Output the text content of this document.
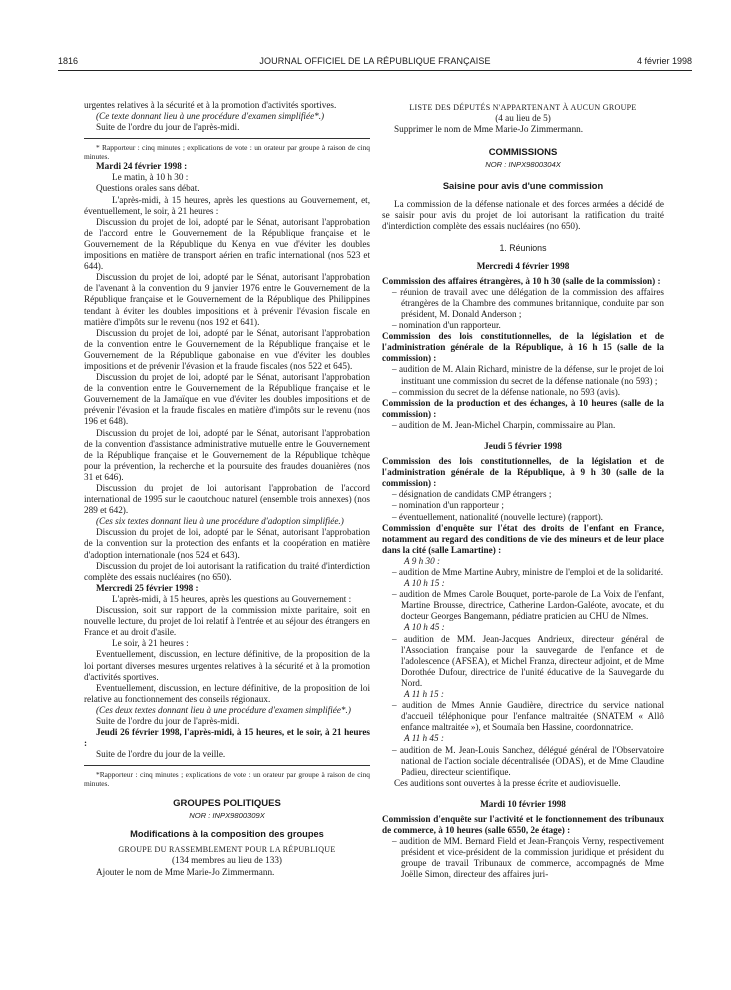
1816	JOURNAL OFFICIEL DE LA RÉPUBLIQUE FRANÇAISE	4 février 1998

urgentes relatives à la sécurité et à la promotion d'activités sportives.

(Ce texte donnant lieu à une procédure d'examen simplifiée*.)

Suite de l'ordre du jour de l'après-midi.

* Rapporteur : cinq minutes ; explications de vote : un orateur par groupe à raison de cinq minutes.

Mardi 24 février 1998 :

Le matin, à 10 h 30 :

Questions orales sans débat.

L'après-midi, à 15 heures, après les questions au Gouvernement, et, éventuellement, le soir, à 21 heures :

Discussion du projet de loi, adopté par le Sénat, autorisant l'approbation de l'accord entre le Gouvernement de la République française et le Gouvernement de la République du Kenya en vue d'éviter les doubles impositions en matière de transport aérien en trafic international (nos 523 et 644).

Discussion du projet de loi, adopté par le Sénat, autorisant l'approbation de l'avenant à la convention du 9 janvier 1976 entre le Gouvernement de la République française et le Gouvernement de la République des Philippines tendant à éviter les doubles impositions et à prévenir l'évasion fiscale en matière d'impôts sur le revenu (nos 192 et 641).

Discussion du projet de loi, adopté par le Sénat, autorisant l'approbation de la convention entre le Gouvernement de la République française et le Gouvernement de la République gabonaise en vue d'éviter les doubles impositions et de prévenir l'évasion et la fraude fiscales (nos 522 et 645).

Discussion du projet de loi, adopté par le Sénat, autorisant l'approbation de la convention entre le Gouvernement de la République française et le Gouvernement de la Jamaïque en vue d'éviter les doubles impositions et de prévenir l'évasion et la fraude fiscales en matière d'impôts sur le revenu (nos 196 et 648).

Discussion du projet de loi, adopté par le Sénat, autorisant l'approbation de la convention d'assistance administrative mutuelle entre le Gouvernement de la République française et le Gouvernement de la République tchèque pour la prévention, la recherche et la poursuite des fraudes douanières (nos 31 et 646).

Discussion du projet de loi autorisant l'approbation de l'accord international de 1995 sur le caoutchouc naturel (ensemble trois annexes) (nos 289 et 642).

(Ces six textes donnant lieu à une procédure d'adoption simplifiée.)

Discussion du projet de loi, adopté par le Sénat, autorisant l'approbation de la convention sur la protection des enfants et la coopération en matière d'adoption internationale (nos 524 et 643).

Discussion du projet de loi autorisant la ratification du traité d'interdiction complète des essais nucléaires (no 650).

Mercredi 25 février 1998 :

L'après-midi, à 15 heures, après les questions au Gouvernement :

Discussion, soit sur rapport de la commission mixte paritaire, soit en nouvelle lecture, du projet de loi relatif à l'entrée et au séjour des étrangers en France et au droit d'asile.

Le soir, à 21 heures :

Eventuellement, discussion, en lecture définitive, de la proposition de la loi portant diverses mesures urgentes relatives à la sécurité et à la promotion d'activités sportives.

Eventuellement, discussion, en lecture définitive, de la proposition de loi relative au fonctionnement des conseils régionaux.

(Ces deux textes donnant lieu à une procédure d'examen simplifiée*.)

Suite de l'ordre du jour de l'après-midi.

Jeudi 26 février 1998, l'après-midi, à 15 heures, et le soir, à 21 heures :

Suite de l'ordre du jour de la veille.

*Rapporteur : cinq minutes ; explications de vote : un orateur par groupe à raison de cinq minutes.

GROUPES POLITIQUES
NOR : INPX9800309X
Modifications à la composition des groupes

GROUPE DU RASSEMBLEMENT POUR LA RÉPUBLIQUE

(134 membres au lieu de 133)

Ajouter le nom de Mme Marie-Jo Zimmermann.

LISTE DES DÉPUTÉS N'APPARTENANT À AUCUN GROUPE

(4 au lieu de 5)

Supprimer le nom de Mme Marie-Jo Zimmermann.

COMMISSIONS
NOR : INPX9800304X
Saisine pour avis d'une commission

La commission de la défense nationale et des forces armées a décidé de se saisir pour avis du projet de loi autorisant la ratification du traité d'interdiction complète des essais nucléaires (no 650).

1. Réunions

Mercredi 4 février 1998

Commission des affaires étrangères, à 10 h 30 (salle de la commission) :

– réunion de travail avec une délégation de la commission des affaires étrangères de la Chambre des communes britannique, conduite par son président, M. Donald Anderson ;
– nomination d'un rapporteur.

Commission des lois constitutionnelles, de la législation et de l'administration générale de la République, à 16 h 15 (salle de la commission) :

– audition de M. Alain Richard, ministre de la défense, sur le projet de loi instituant une commission du secret de la défense nationale (no 593) ;
– commission du secret de la défense nationale, no 593 (avis).

Commission de la production et des échanges, à 10 heures (salle de la commission) :

– audition de M. Jean-Michel Charpin, commissaire au Plan.

Jeudi 5 février 1998

Commission des lois constitutionnelles, de la législation et de l'administration générale de la République, à 9 h 30 (salle de la commission) :

– désignation de candidats CMP étrangers ;
– nomination d'un rapporteur ;
– éventuellement, nationalité (nouvelle lecture) (rapport).

Commission d'enquête sur l'état des droits de l'enfant en France, notamment au regard des conditions de vie des mineurs et de leur place dans la cité (salle Lamartine) :

A 9 h 30 :

– audition de Mme Martine Aubry, ministre de l'emploi et de la solidarité.

A 10 h 15 :

– audition de Mmes Carole Bouquet, porte-parole de La Voix de l'enfant, Martine Brousse, directrice, Catherine Lardon-Galéote, avocate, et du docteur Georges Bangemann, pédiatre praticien au CHU de Nîmes.

A 10 h 45 :

– audition de MM. Jean-Jacques Andrieux, directeur général de l'Association française pour la sauvegarde de l'enfance et de l'adolescence (AFSEA), et Michel Franza, directeur adjoint, et de Mme Dorothée Dufour, directrice de l'unité éducative de la Sauvegarde du Nord.

A 11 h 15 :

– audition de Mmes Annie Gaudière, directrice du service national d'accueil téléphonique pour l'enfance maltraitée (SNATEM « Allô enfance maltraitée »), et Soumaïa ben Hassine, coordonnatrice.

A 11 h 45 :

– audition de M. Jean-Louis Sanchez, délégué général de l'Observatoire national de l'action sociale décentralisée (ODAS), et de Mme Claudine Padieu, directeur scientifique.

Ces auditions sont ouvertes à la presse écrite et audiovisuelle.

Mardi 10 février 1998

Commission d'enquête sur l'activité et le fonctionnement des tribunaux de commerce, à 10 heures (salle 6550, 2e étage) :

– audition de MM. Bernard Field et Jean-François Verny, respectivement président et vice-président de la commission juridique et président du groupe de travail Tribunaux de commerce, accompagnés de Mme Joëlle Simon, directeur des affaires juri-
